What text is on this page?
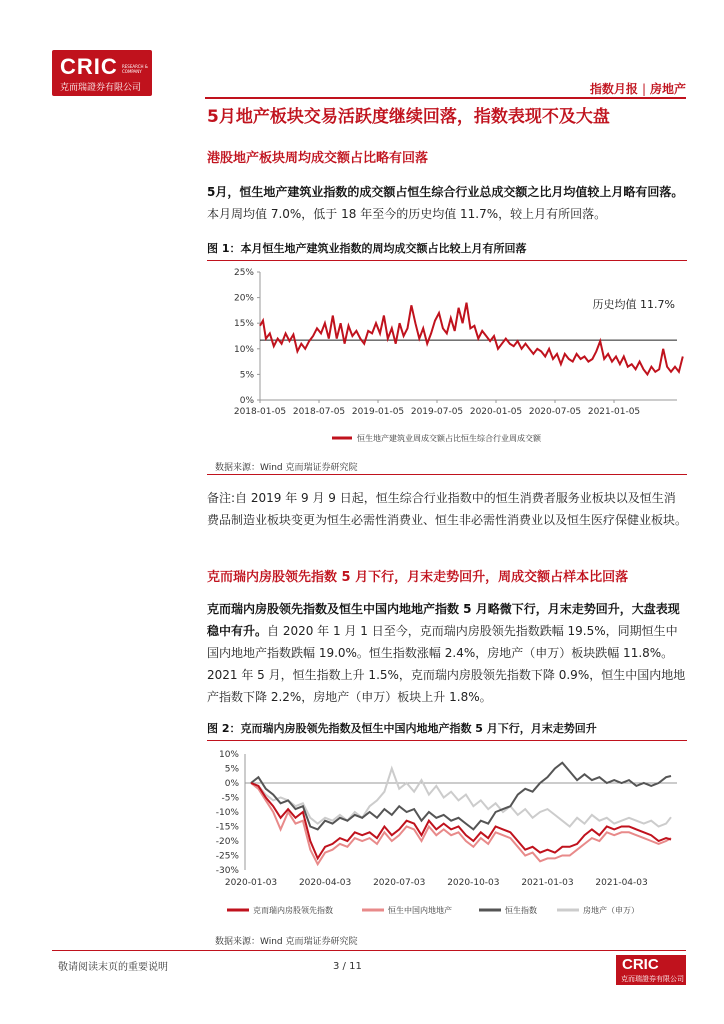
CRIC RESEARCH & COMPANY
克而瑞證券有限公司	指数月报 | 房地产
5月地产板块交易活跃度继续回落，指数表现不及大盘
港股地产板块周均成交额占比略有回落
5月，恒生地产建筑业指数的成交额占恒生综合行业总成交额之比月均值较上月略有回落。本月周均值 7.0%，低于 18 年至今的历史均值 11.7%，较上月有所回落。
图 1：本月恒生地产建筑业指数的周均成交额占比较上月有所回落
25%
20%
15%
10%
5%
0%
2018-01-05 2018-07-05 2019-01-05 2019-07-05 2020-01-05 2020-07-05 2021-01-05
历史均值 11.7%
恒生地产建筑业周成交额占比恒生综合行业周成交额
数据来源：Wind 克而瑞证券研究院
备注:自 2019 年 9 月 9 日起，恒生综合行业指数中的恒生消费者服务业板块以及恒生消费品制造业板块变更为恒生必需性消费业、恒生非必需性消费业以及恒生医疗保健业板块。
克而瑞内房股领先指数 5 月下行，月末走势回升，周成交额占样本比回落
克而瑞内房股领先指数及恒生中国内地地产指数 5 月略微下行，月末走势回升，大盘表现稳中有升。自 2020 年 1 月 1 日至今，克而瑞内房股领先指数跌幅 19.5%，同期恒生中国内地地产指数跌幅 19.0%。恒生指数涨幅 2.4%，房地产（申万）板块跌幅 11.8%。2021 年 5 月，恒生指数上升 1.5%，克而瑞内房股领先指数下降 0.9%，恒生中国内地地产指数下降 2.2%，房地产（申万）板块上升 1.8%。
图 2：克而瑞内房股领先指数及恒生中国内地地产指数 5 月下行，月末走势回升
10%
5%
0%
-5%
-10%
-15%
-20%
-25%
-30%
2020-01-03 2020-04-03 2020-07-03 2020-10-03 2021-01-03 2021-04-03
克而瑞内房股领先指数	恒生中国内地地产	恒生指数	房地产（申万）
数据来源：Wind 克而瑞证券研究院
敬请阅读末页的重要说明	3 / 11	CRIC
克而瑞證券有限公司
